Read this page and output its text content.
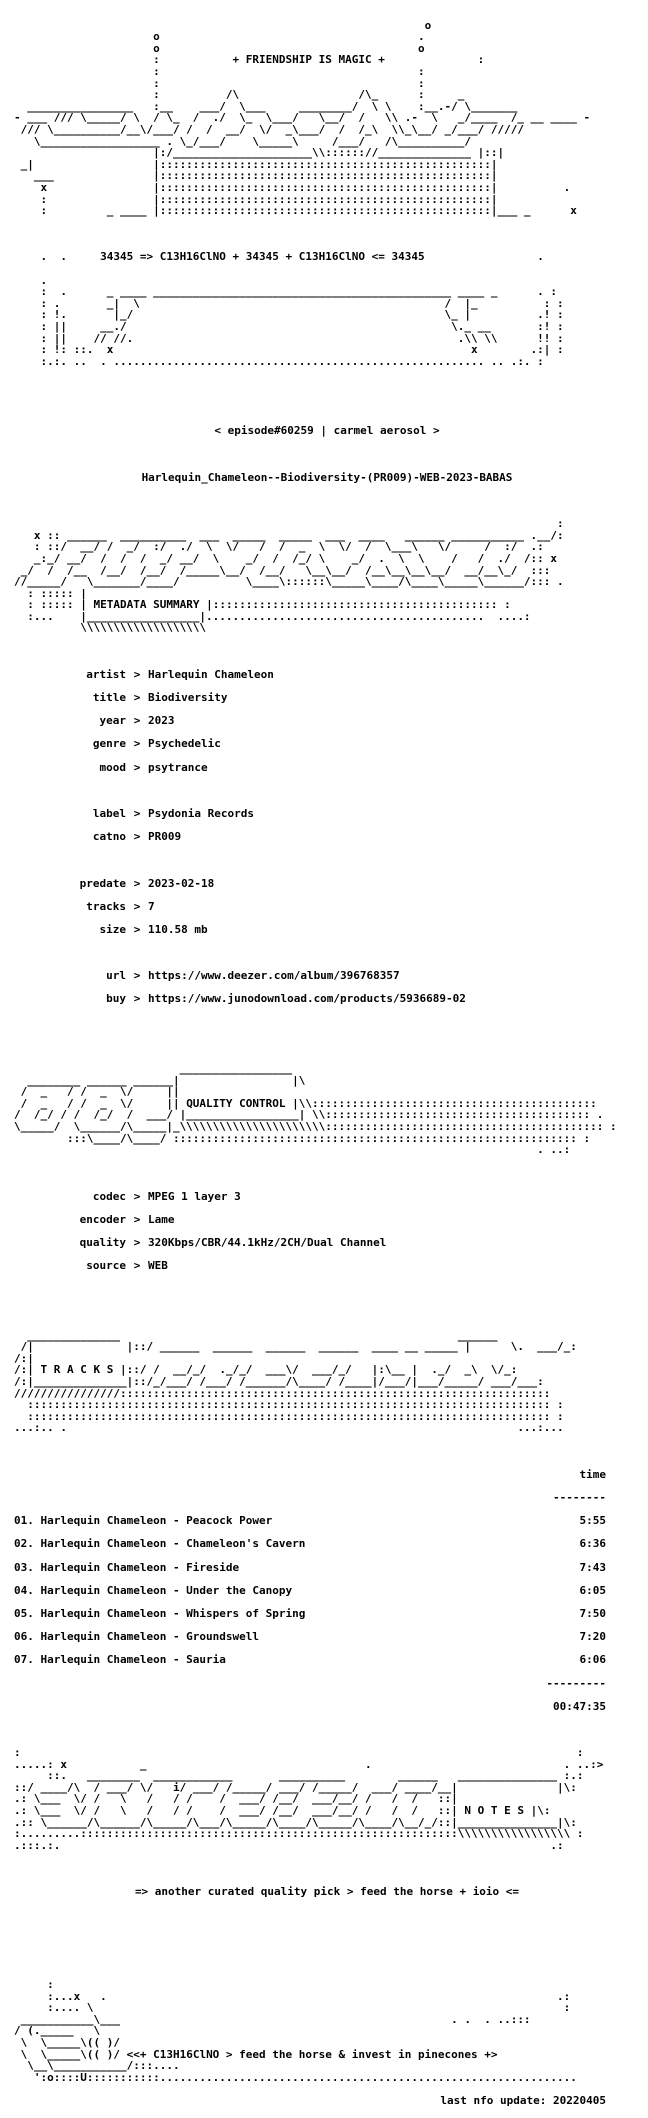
o
o                                       .
o                                       o
:	+ FRIENDSHIP IS MAGIC +	:
:                                       :
:                                       :
:          /\                  /\_      :     _
________________   :__    ___/  \___     ________/  \ \    :__.-/ \_______
- ___ /// \_____/ \  / \_  /  ./  \_  \___/   \__/  /   \\ .-  \   _/____  /_ __ ____ -
/// \__________/__\/___/ /  /  __/  \/  _\___/  /  /_\  \\_\__/ _/___/ /////
\__________________ . \_/___/    \_____\     /___/   /\__________/
|:/_____________________\\:::::://______________ |::|
_|                  |::::::::::::::::::::::::::::::::::::::::::::::::::|
___               |::::::::::::::::::::::::::::::::::::::::::::::::::|
x                |::::::::::::::::::::::::::::::::::::::::::::::::::|          .
:                |::::::::::::::::::::::::::::::::::::::::::::::::::|
:         _ ____ |::::::::::::::::::::::::::::::::::::::::::::::::::|___ _      x

.  .     34345 => C13H16ClNO + 34345 + C13H16ClNO <= 34345                 .

.
:  .      _ ____ _____________________________________________ ____ _      . :
: .       _|  \                                              /  |_          : :
: !.       |_/                                               \_ |          .! :
: ||     __./                                                 \._ __       :! :
: ||    // //.                                                 .\\ \\      !! :
: !: ::.  x                                                      x        .:| :
:.:. ..  . ........................................................ .. .:. :

< episode#60259 | carmel aerosol >

Harlequin_Chameleon--Biodiversity-(PR009)-WEB-2023-BABAS

:
x :: ______  __________  ___  _____  _____  ___  ____   ______ ___________ .__/:
: ::/  __/ /  _/  :/  ./  \  \/   /  /  _  \  \/  /  \___\   \/     /  :/  .:
_:_/ __/  /  /  /  _/ __/  \    _/  /  /_/ \    _/  .  \  \    /   /  ./  /:: x
_/  /  /__  /__/  /__/  /_____\__/  /__/   \__\__/  /__\__\__\__/  __/__\_/  :::
//_____/   \_______/____/          \____\::::::\_____\____/\____\_____\______/::: .
: ::::: |
: ::::: | METADATA SUMMARY |::::::::::::::::::::::::::::::::::::::::::: :
:...    |_________________|..........................................  ....:
\\\\\\\\\\\\\\\\\\\

artist > Harlequin Chameleon

title > Biodiversity

year > 2023

genre > Psychedelic

mood > psytrance

label > Psydonia Records

catno > PR009

predate > 2023-02-18

tracks > 7

size > 110.58 mb

url > https://www.deezer.com/album/396768357

buy > https://www.junodownload.com/products/5936689-02

_________________
________ ______ ______|                 |\
/  _   / /  _  \/     ||
/  _   / /  _  \/     || QUALITY CONTROL |\\:::::::::::::::::::::::::::::::::::::::::::
/  /_/ / /  /_/  /  ___/ |_________________| \\:::::::::::::::::::::::::::::::::::::::: .
\_____/  \______/\_____|_\\\\\\\\\\\\\\\\\\\\\\:::::::::::::::::::::::::::::::::::::::::: :
:::\____/\____/ ::::::::::::::::::::::::::::::::::::::::::::::::::::::::::::: :
. ..:

codec > MPEG 1 layer 3

encoder > Lame

quality > 320Kbps/CBR/44.1kHz/2CH/Dual Channel

source > WEB

______________                                                   ______
/|              |::/ ______  ______  ______  ______  ____ __ _____ |      \.  ___/_:
/:|
/:| T R A C K S |::/ /  __/_/  ._/_/  ___\/  ___/_/   |:\__ |  ._/  _\  \/_:
/:|______________|::/_/___/ /___/ /______/\____/ /____|/___/|___/_____/ ___/___:
////////////////:::::::::::::::::::::::::::::::::::::::::::::::::::::::::::::::::
::::::::::::::::::::::::::::::::::::::::::::::::::::::::::::::::::::::::::::::: :
::::::::::::::::::::::::::::::::::::::::::::::::::::::::::::::::::::::::::::::: :
...:.. .                                                                    ...:...

time

--------

01. Harlequin Chameleon - Peacock Power	5:55

02. Harlequin Chameleon - Chameleon's Cavern	6:36

03. Harlequin Chameleon - Fireside	7:43

04. Harlequin Chameleon - Under the Canopy	6:05

05. Harlequin Chameleon - Whispers of Spring	7:50

06. Harlequin Chameleon - Groundswell	7:20

07. Harlequin Chameleon - Sauria	6:06

---------

00:47:35

:                                                                                    :
.....: x           _                                 .                             . ..:>
::.   ________  ____________       __________        ______   _______________ :.:
::/ ____/\  / ___/ \/   i/ ___/ /_____/ ___/ /_____/  ___/ ____/__|               |\:
.: \___  \/ /   \   /   / /    /  ___/ /__/  ___/__/ /   /  /   ::|
.: \___  \/ /   \   /   / /    /  ___/ /__/  ___/__/ /   /  /   ::| N O T E S |\:
.:: \______/\______/\_____/\___/\_____/\____/\_____/\____/\__/_/::|_______________|\:
:.........:::::::::::::::::::::::::::::::::::::::::::::::::::::::::\\\\\\\\\\\\\\\\\ :
.:::.:.                                                                          .:

=> another curated quality pick > feed the horse + ioio <=

:
:...x   .                                                                    .:
:.... \                                                                       :
___________\___                                                  . .  . ..:::
/ (._____   \
\  \_____\(( )/
\  \_____\(( )/ <<+ C13H16ClNO > feed the horse & invest in pinecones +>
\__\___________/:::....
':o::::U:::::::::::...............................................................

last nfo update: 20220405
